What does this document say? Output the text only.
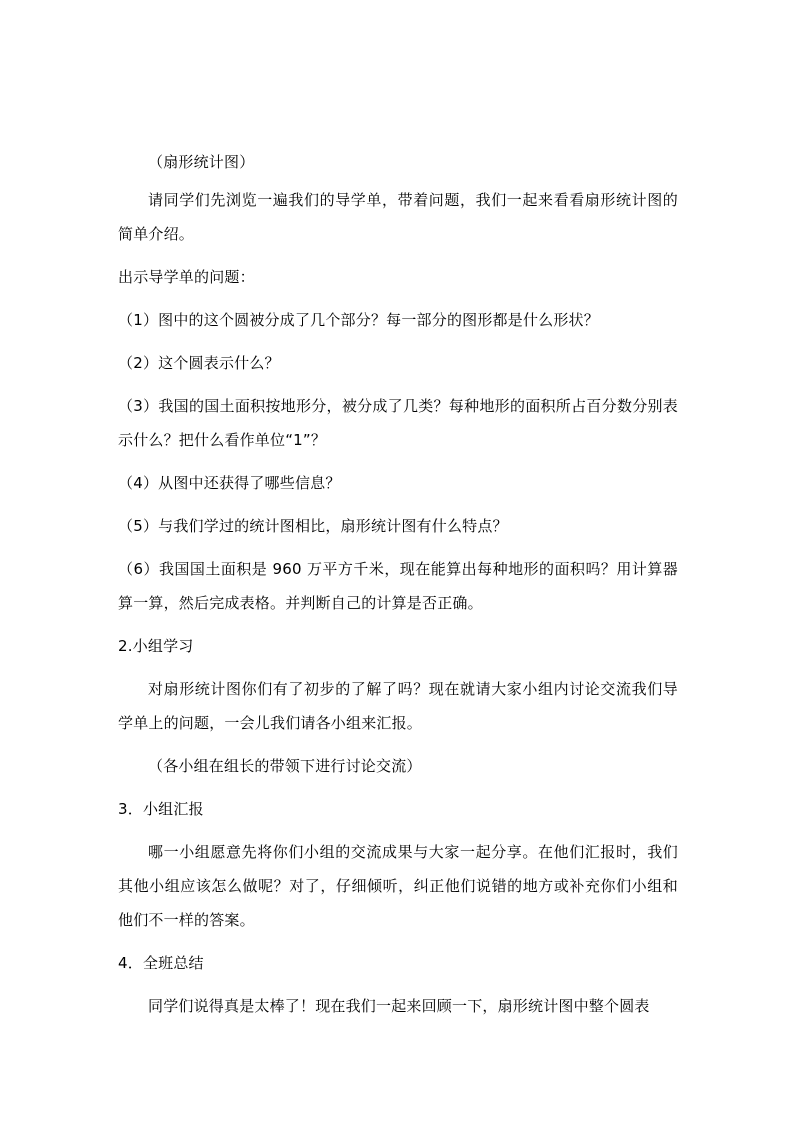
（扇形统计图）

请同学们先浏览一遍我们的导学单，带着问题，我们一起来看看扇形统计图的简单介绍。

出示导学单的问题：

（1）图中的这个圆被分成了几个部分？每一部分的图形都是什么形状？

（2）这个圆表示什么？

（3）我国的国土面积按地形分，被分成了几类？每种地形的面积所占百分数分别表示什么？把什么看作单位“1”？

（4）从图中还获得了哪些信息？

（5）与我们学过的统计图相比，扇形统计图有什么特点？

（6）我国国土面积是 960 万平方千米，现在能算出每种地形的面积吗？用计算器算一算，然后完成表格。并判断自己的计算是否正确。

2.小组学习

对扇形统计图你们有了初步的了解了吗？现在就请大家小组内讨论交流我们导学单上的问题，一会儿我们请各小组来汇报。

（各小组在组长的带领下进行讨论交流）

3．小组汇报

哪一小组愿意先将你们小组的交流成果与大家一起分享。在他们汇报时，我们其他小组应该怎么做呢？对了，仔细倾听，纠正他们说错的地方或补充你们小组和他们不一样的答案。

4．全班总结

同学们说得真是太棒了！现在我们一起来回顾一下，扇形统计图中整个圆表
